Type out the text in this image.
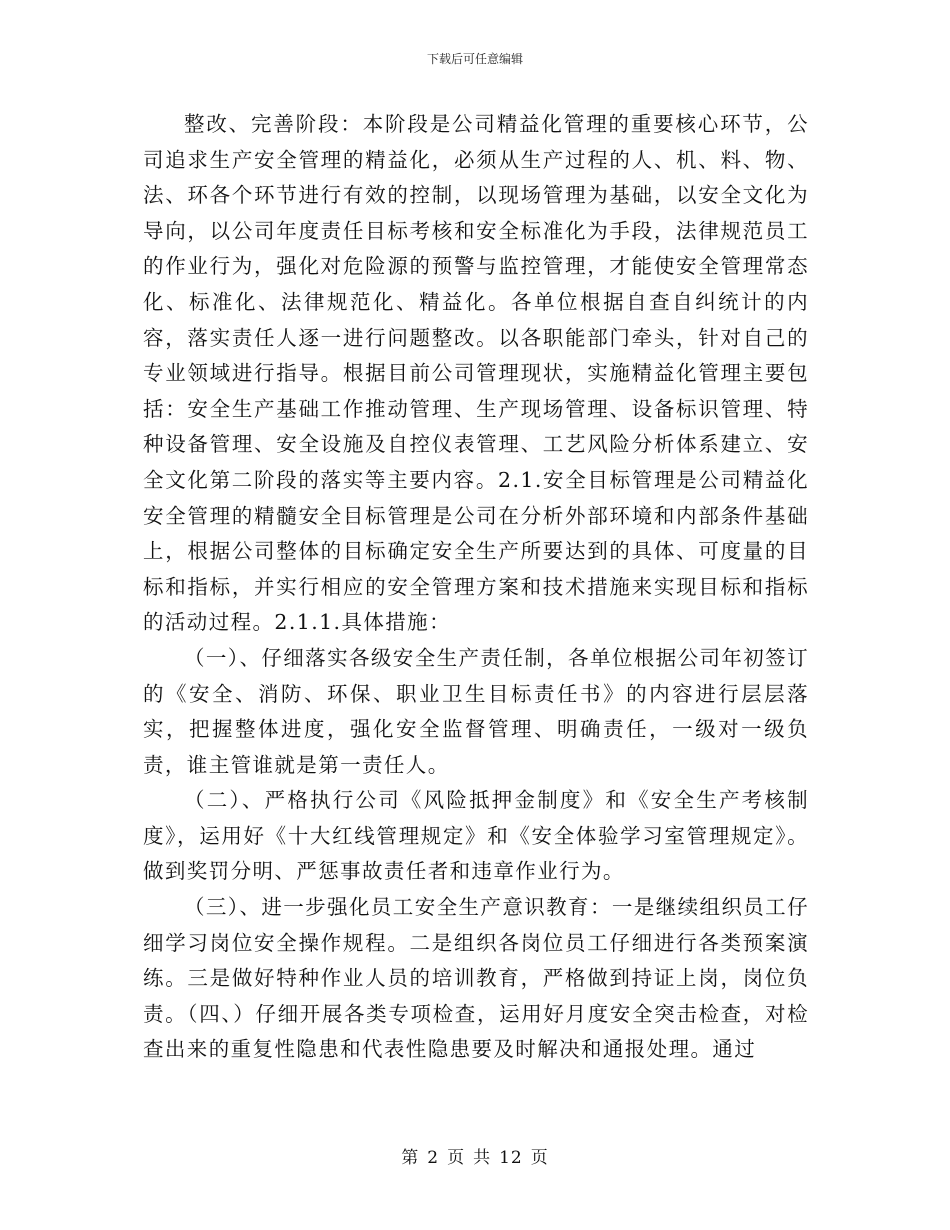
下载后可任意编辑

整改、完善阶段：本阶段是公司精益化管理的重要核心环节，公司追求生产安全管理的精益化，必须从生产过程的人、机、料、物、法、环各个环节进行有效的控制，以现场管理为基础，以安全文化为导向，以公司年度责任目标考核和安全标准化为手段，法律规范员工的作业行为，强化对危险源的预警与监控管理，才能使安全管理常态化、标准化、法律规范化、精益化。各单位根据自查自纠统计的内容，落实责任人逐一进行问题整改。以各职能部门牵头，针对自己的专业领域进行指导。根据目前公司管理现状，实施精益化管理主要包括：安全生产基础工作推动管理、生产现场管理、设备标识管理、特种设备管理、安全设施及自控仪表管理、工艺风险分析体系建立、安全文化第二阶段的落实等主要内容。2.1.安全目标管理是公司精益化安全管理的精髓安全目标管理是公司在分析外部环境和内部条件基础上，根据公司整体的目标确定安全生产所要达到的具体、可度量的目标和指标，并实行相应的安全管理方案和技术措施来实现目标和指标的活动过程。2.1.1.具体措施：

（一）、仔细落实各级安全生产责任制，各单位根据公司年初签订的《安全、消防、环保、职业卫生目标责任书》的内容进行层层落实，把握整体进度，强化安全监督管理、明确责任，一级对一级负责，谁主管谁就是第一责任人。

（二）、严格执行公司《风险抵押金制度》和《安全生产考核制度》，运用好《十大红线管理规定》和《安全体验学习室管理规定》。做到奖罚分明、严惩事故责任者和违章作业行为。

（三）、进一步强化员工安全生产意识教育：一是继续组织员工仔细学习岗位安全操作规程。二是组织各岗位员工仔细进行各类预案演练。三是做好特种作业人员的培训教育，严格做到持证上岗，岗位负责。（四、）仔细开展各类专项检查，运用好月度安全突击检查，对检查出来的重复性隐患和代表性隐患要及时解决和通报处理。通过

第 2 页 共 12 页
